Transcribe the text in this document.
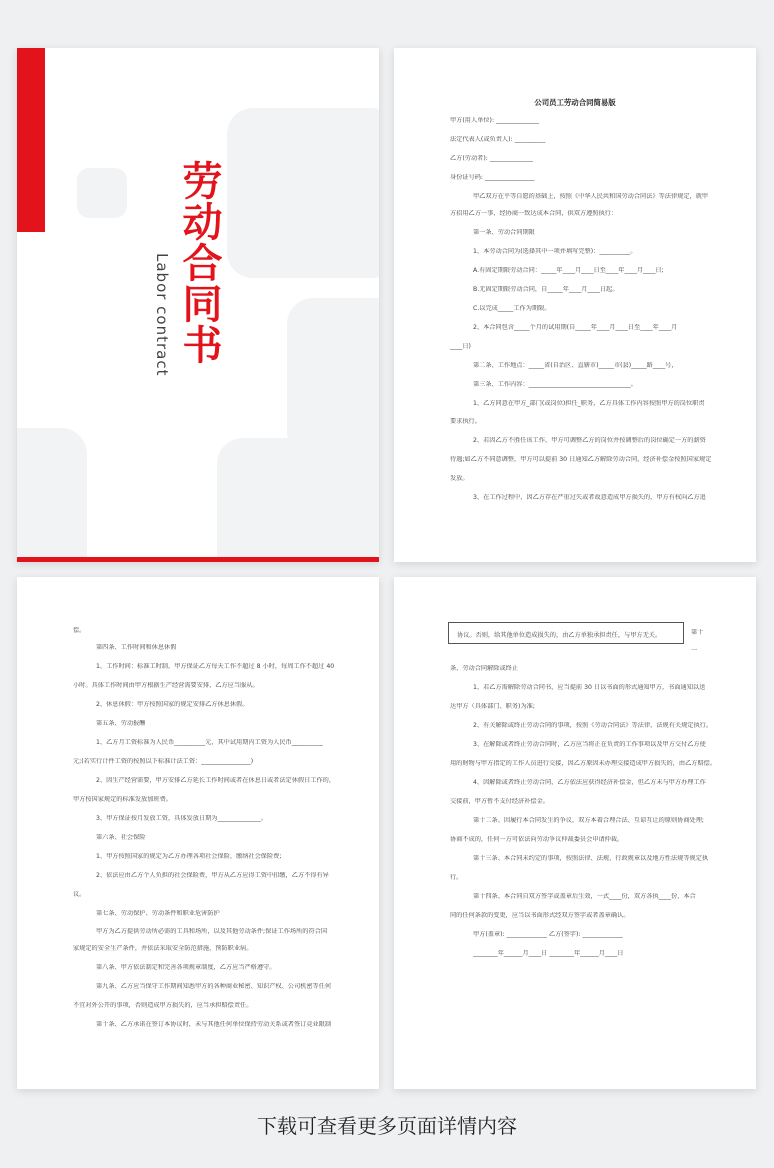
劳动合同书
Labor contract
公司员工劳动合同简易版
甲方(用人单位): ______________
法定代表人(或负责人): __________
乙方(劳动者): ______________
身份证号码: ________________
甲乙双方在平等自愿的基础上，按照《中华人民共和国劳动合同法》等法律规定，就甲
方招用乙方一事，经协商一致达成本合同，供双方遵照执行：
第一条、劳动合同期限
1、本劳动合同为(选择其中一项并填写完整)：__________。
A.有固定期限劳动合同：_____年____月____日至____年____月____日;
B.无固定期限劳动合同，自_____年____月____日起。
C.以完成_____工作为期限。
2、本合同包含_____个月的试用期(自_____年____月____日至____年____月
____日)
第二条、工作地点：_____省(自治区、直辖市)_____市(县)_____路____号，
第三条、工作内容：_________________________________。
1、乙方同意在甲方_部门(或岗位)担任_职务，乙方具体工作内容按照甲方的岗位职责
要求执行。
2、若因乙方不胜任该工作，甲方可调整乙方的岗位并按调整后的岗位确定一方的薪资
待遇;如乙方不同意调整，甲方可以提前 30 日通知乙方解除劳动合同，经济补偿金按照国家规定
发放。
3、在工作过程中，因乙方存在严重过失或者故意造成甲方损失的，甲方有权向乙方追
偿。
第四条、工作时间和休息休假
1、工作时间：标准工时制，甲方保证乙方每天工作不超过 8 小时，每周工作不超过 40
小时。具体工作时间由甲方根据生产经营需要安排，乙方应当服从。
2、休息休假：甲方按照国家的规定安排乙方休息休假。
第五条、劳动报酬
1、乙方月工资标准为人民币__________元，其中试用期内工资为人民币__________
元;(若实行计件工资的按照以下标准计法工资：________________)
2、因生产经营需要，甲方安排乙方延长工作时间或者在休息日或者法定休假日工作的，
甲方按国家规定的标准发放加班费。
3、甲方保证按月发放工资，具体发放日期为______________。
第六条、社会保险
1、甲方按照国家的规定为乙方办理各项社会保险，缴纳社会保险费;
2、依法应由乙方个人负担的社会保险费，甲方从乙方应得工资中扣缴，乙方不得有异
议。
第七条、劳动保护、劳动条件和职业危害防护
甲方为乙方提供劳动所必需的工具和场所，以及其他劳动条件;保证工作场所的符合国
家规定的安全生产条件，并依法采取安全防范措施，预防职业病。
第八条、甲方依法制定和完善各项规章制度，乙方应当严格遵守。
第九条、乙方应当保守工作期间知悉甲方的各种商业秘密、知识产权、公司机密等任何
不宜对外公开的事项，否则造成甲方损失的，应当承担赔偿责任。
第十条、乙方承诺在签订本协议时，未与其他任何单位保持劳动关系或者签订竞业限制
协议。否则，给其他单位造成损失的，由乙方单独承担责任，与甲方无关。	第十
一
条、劳动合同解除或终止
1、若乙方需解除劳动合同书，应当提前 30 日以书面的形式通知甲方，书面通知以送
达甲方（具体部门、职务)为准;
2、有关解除或终止劳动合同的事项，按照《劳动合同法》等法律、法规有关规定执行。
3、在解除或者终止劳动合同时，乙方应当将正在负责的工作事项以及甲方交付乙方使
用的财物与甲方指定的工作人员进行交接，因乙方原因未办理交接造成甲方损失的，由乙方赔偿。
4、因解除或者终止劳动合同，乙方依法应获得经济补偿金，但乙方未与甲方办理工作
交接前，甲方暂不支付经济补偿金。
第十二条、因履行本合同发生的争议，双方本着合理合法、互谅互让的原则协商处理;
协商不成的，任何一方可依法向劳动争议仲裁委员会申请仲裁。
第十三条、本合同未约定的事项，按照法律、法规、行政规章以及地方性法规等规定执
行。
第十四条、本合同自双方签字或盖章后生效，一式____份，双方各执____份，本合
同的任何条款的变更，应当以书面形式经双方签字或者盖章确认。
甲方(盖章): _____________ 乙方(签字): _____________
________年______月____日 ________年______月____日
下载可查看更多页面详情内容
